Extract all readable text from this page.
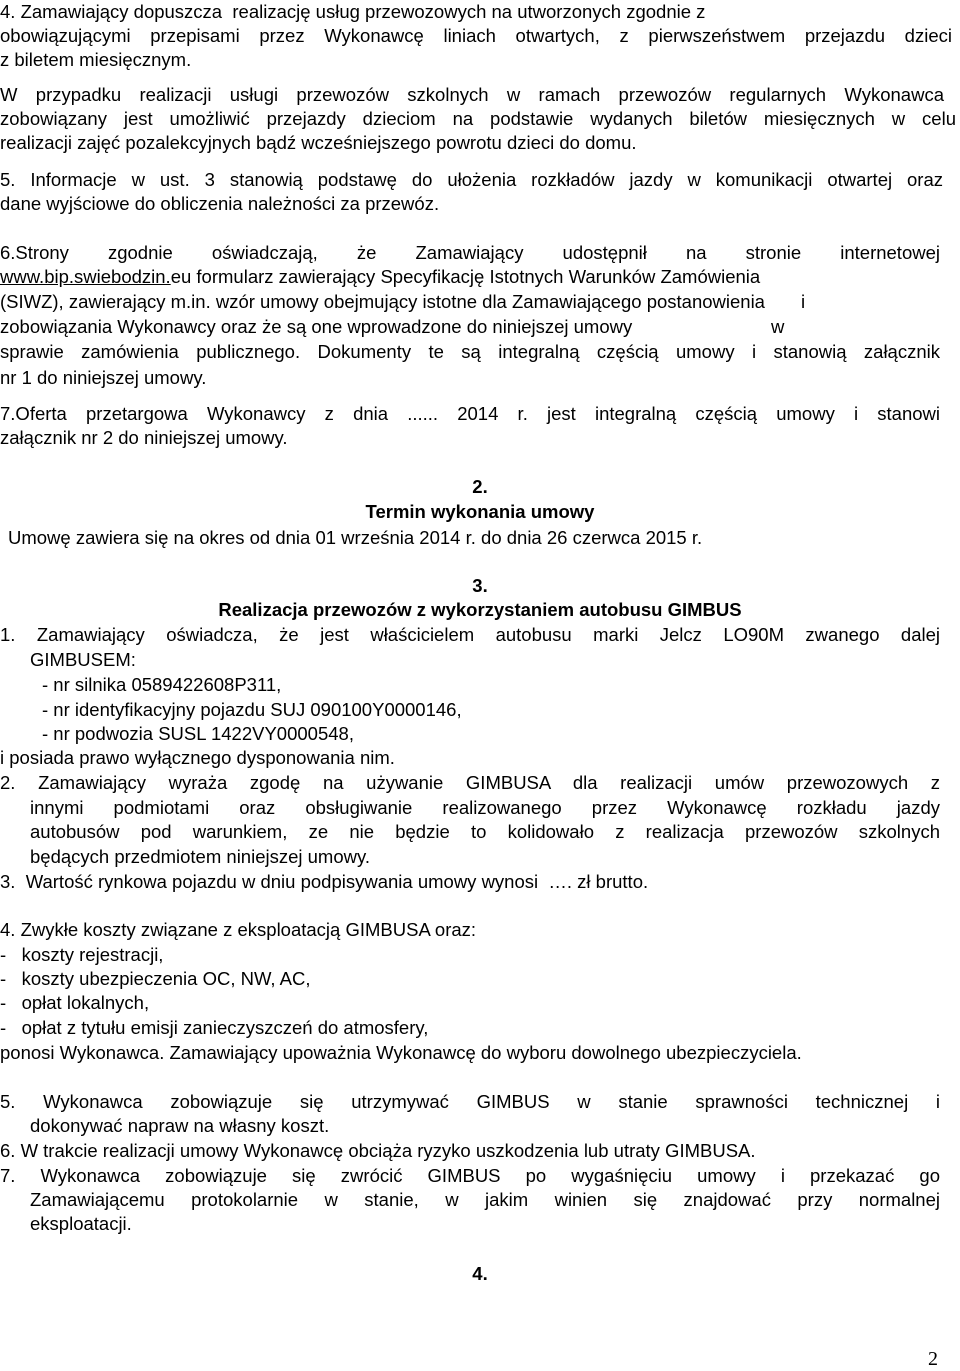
4. Zamawiający dopuszcza  realizację usług przewozowych na utworzonych zgodnie z

obowiązującymi przepisami przez Wykonawcę liniach otwartych, z pierwszeństwem przejazdu dzieci

z biletem miesięcznym.

W przypadku realizacji usługi przewozów szkolnych w ramach przewozów regularnych Wykonawca

zobowiązany jest umożliwić przejazdy dzieciom na podstawie wydanych biletów miesięcznych w celu

realizacji zajęć pozalekcyjnych bądź wcześniejszego powrotu dzieci do domu.

5. Informacje w ust. 3 stanowią podstawę do ułożenia rozkładów jazdy w komunikacji otwartej oraz

dane wyjściowe do obliczenia należności za przewóz.

6.Strony zgodnie oświadczają, że Zamawiający udostępnił na stronie internetowej

www.bip.swiebodzin.eu formularz zawierający Specyfikację Istotnych Warunków Zamówienia

(SIWZ), zawierający m.in. wzór umowy obejmujący istotne dla Zamawiającego postanowienia       i

zobowiązania Wykonawcy oraz że są one wprowadzone do niniejszej umowy                           w

sprawie zamówienia publicznego. Dokumenty te są integralną częścią umowy i stanowią załącznik

nr 1 do niniejszej umowy.

7.Oferta przetargowa Wykonawcy z dnia ...... 2014 r. jest integralną częścią umowy i stanowi

załącznik nr 2 do niniejszej umowy.

2.

Termin wykonania umowy

Umowę zawiera się na okres od dnia 01 września 2014 r. do dnia 26 czerwca 2015 r.

3.

Realizacja przewozów z wykorzystaniem autobusu GIMBUS

1. Zamawiający oświadcza, że jest właścicielem autobusu marki Jelcz LO90M zwanego dalej

GIMBUSEM:

- nr silnika 0589422608P311,

- nr identyfikacyjny pojazdu SUJ 090100Y0000146,

- nr podwozia SUSL 1422VY0000548,

i posiada prawo wyłącznego dysponowania nim.

2. Zamawiający wyraża zgodę na używanie GIMBUSA dla realizacji umów przewozowych z

innymi podmiotami oraz obsługiwanie realizowanego przez Wykonawcę rozkładu jazdy

autobusów pod warunkiem, ze nie będzie to kolidowało z realizacja przewozów szkolnych

będących przedmiotem niniejszej umowy.

3.  Wartość rynkowa pojazdu w dniu podpisywania umowy wynosi  …. zł brutto.

4. Zwykłe koszty związane z eksploatacją GIMBUSA oraz:

-   koszty rejestracji,

-   koszty ubezpieczenia OC, NW, AC,

-   opłat lokalnych,

-   opłat z tytułu emisji zanieczyszczeń do atmosfery,

ponosi Wykonawca. Zamawiający upoważnia Wykonawcę do wyboru dowolnego ubezpieczyciela.

5. Wykonawca zobowiązuje się utrzymywać GIMBUS w stanie sprawności technicznej i

dokonywać napraw na własny koszt.

6. W trakcie realizacji umowy Wykonawcę obciąża ryzyko uszkodzenia lub utraty GIMBUSA.

7. Wykonawca zobowiązuje się zwrócić GIMBUS po wygaśnięciu umowy i przekazać go

Zamawiającemu protokolarnie w stanie, w jakim winien się znajdować przy normalnej

eksploatacji.

4.

2
